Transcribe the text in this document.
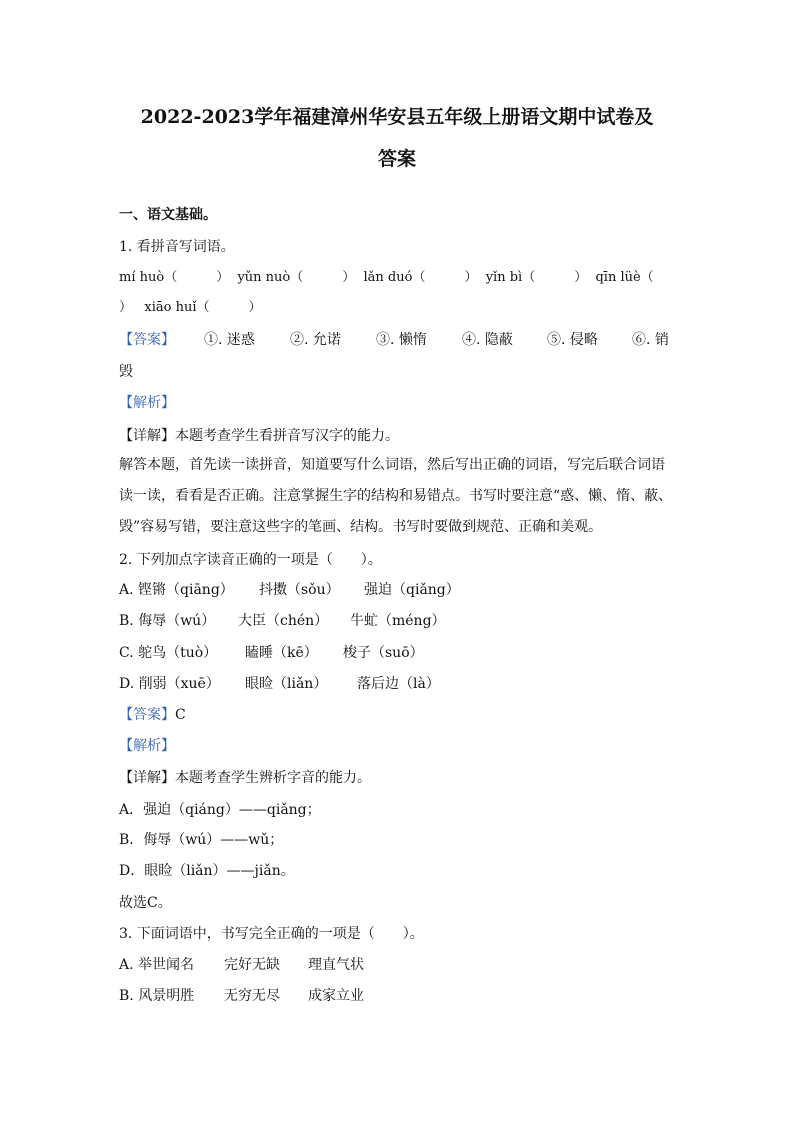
2022-2023学年福建漳州华安县五年级上册语文期中试卷及
答案
一、语文基础。
1. 看拼音写词语。
mí huò（　　　）  yǔn nuò（　　　）  lǎn duó（　　　）  yǐn bì（　　　）  qīn lüè（
）   xiāo huǐ（　　　）
【答案】 ①. 迷惑	②. 允诺	③. 懒惰	④. 隐蔽 ⑤. 侵略 ⑥. 销
毁
【解析】
【详解】本题考查学生看拼音写汉字的能力。
解答本题，首先读一读拼音，知道要写什么词语，然后写出正确的词语，写完后联合词语
读一读，看看是否正确。注意掌握生字的结构和易错点。书写时要注意“惑、懒、惰、蔽、
毁”容易写错，要注意这些字的笔画、结构。书写时要做到规范、正确和美观。
2. 下列加点字读音正确的一项是（　　）。
A. 铿锵（qiāng） 抖擞（sǒu） 强迫（qiǎng）
B. 侮辱（wú） 大臣（chén） 牛虻（méng）
C. 鸵鸟（tuò） 瞌睡（kē） 梭子（suō）
D. 削弱（xuē） 眼睑（liǎn） 落后边（là）
【答案】C
【解析】
【详解】本题考查学生辨析字音的能力。
A．强迫（qiáng）——qiǎng；
B．侮辱（wú）——wǔ；
D．眼睑（liǎn）——jiǎn。
故选C。
3. 下面词语中，书写完全正确的一项是（　　）。
A. 举世闻名 完好无缺 理直气状
B. 风景明胜 无穷无尽 成家立业
